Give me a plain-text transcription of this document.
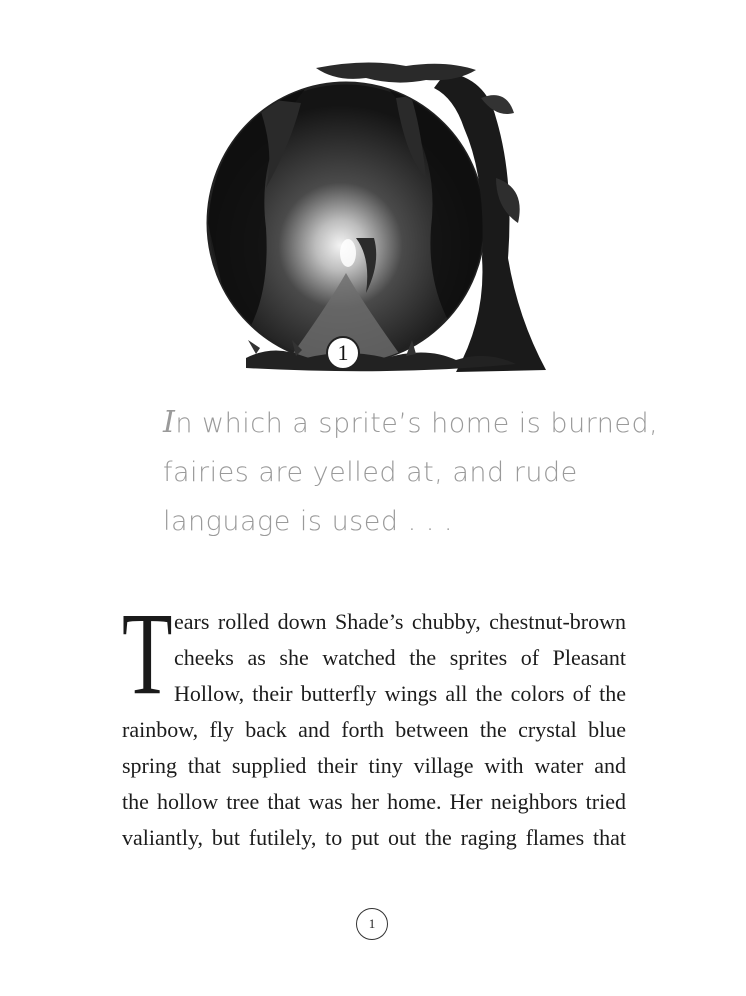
1
In which a sprite’s home is burned,
fairies are yelled at, and rude
language is used . . .
T ears rolled down Shade’s chubby, chestnut-brown
cheeks as she watched the sprites of Pleasant
Hollow, their butterfly wings all the colors of the
rainbow, fly back and forth between the crystal blue
spring that supplied their tiny village with water and
the hollow tree that was her home. Her neighbors tried
valiantly, but futilely, to put out the raging flames that
1
